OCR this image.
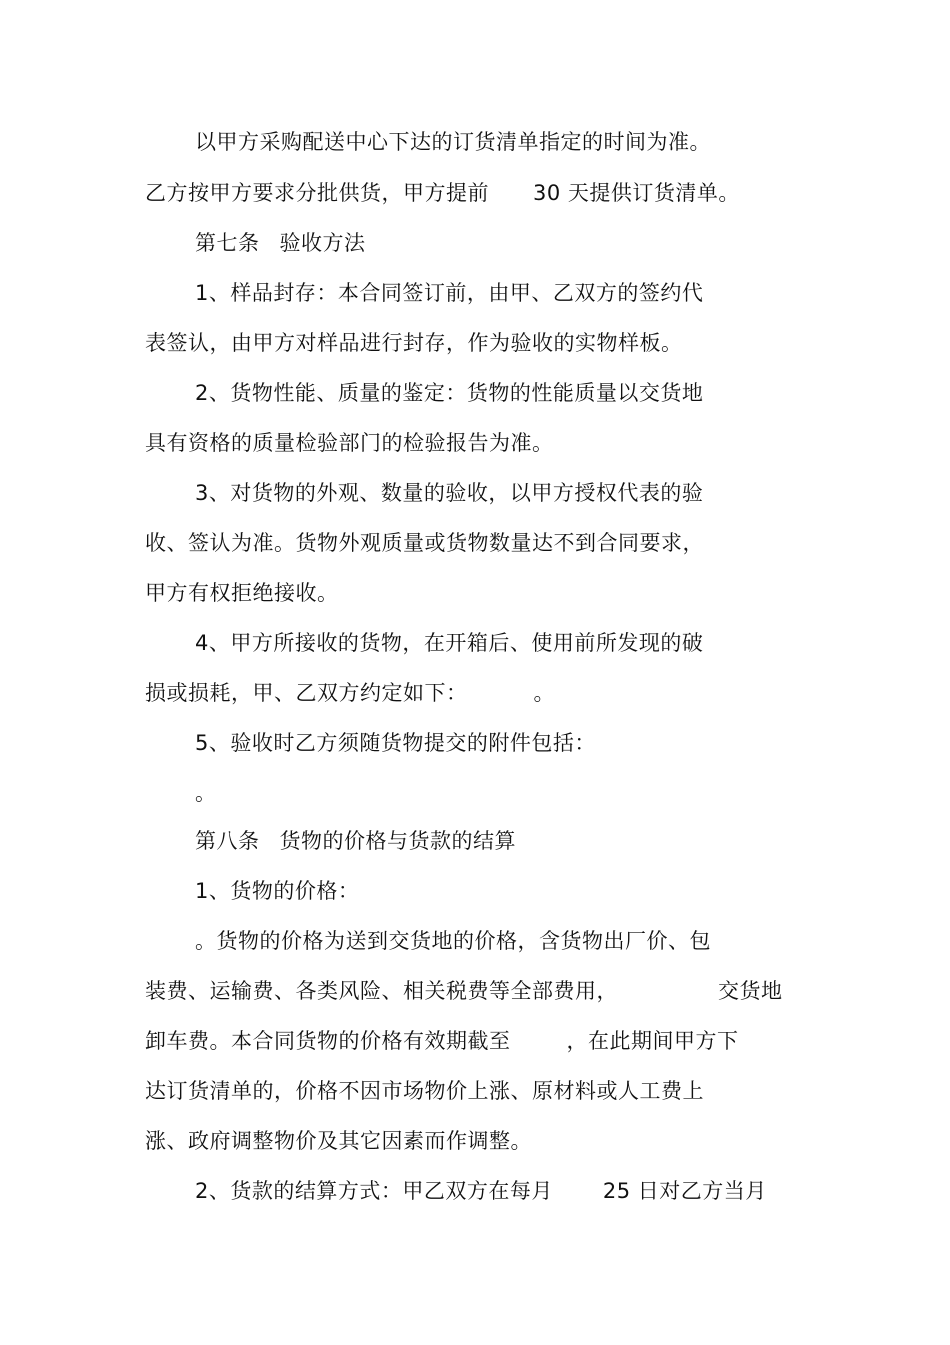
以甲方采购配送中心下达的订货清单指定的时间为准。
乙方按甲方要求分批供货，甲方提前 30 天提供订货清单。
第七条 验收方法
1、样品封存：本合同签订前，由甲、乙双方的签约代
表签认，由甲方对样品进行封存，作为验收的实物样板。
2、货物性能、质量的鉴定：货物的性能质量以交货地
具有资格的质量检验部门的检验报告为准。
3、对货物的外观、数量的验收，以甲方授权代表的验
收、签认为准。货物外观质量或货物数量达不到合同要求，
甲方有权拒绝接收。
4、甲方所接收的货物，在开箱后、使用前所发现的破
损或损耗，甲、乙双方约定如下：	。
5、验收时乙方须随货物提交的附件包括：
。
第八条 货物的价格与货款的结算
1、货物的价格：
。货物的价格为送到交货地的价格，含货物出厂价、包
装费、运输费、各类风险、相关税费等全部费用，	交货地
卸车费。本合同货物的价格有效期截至	，在此期间甲方下
达订货清单的，价格不因市场物价上涨、原材料或人工费上
涨、政府调整物价及其它因素而作调整。
2、货款的结算方式：甲乙双方在每月 25 日对乙方当月
